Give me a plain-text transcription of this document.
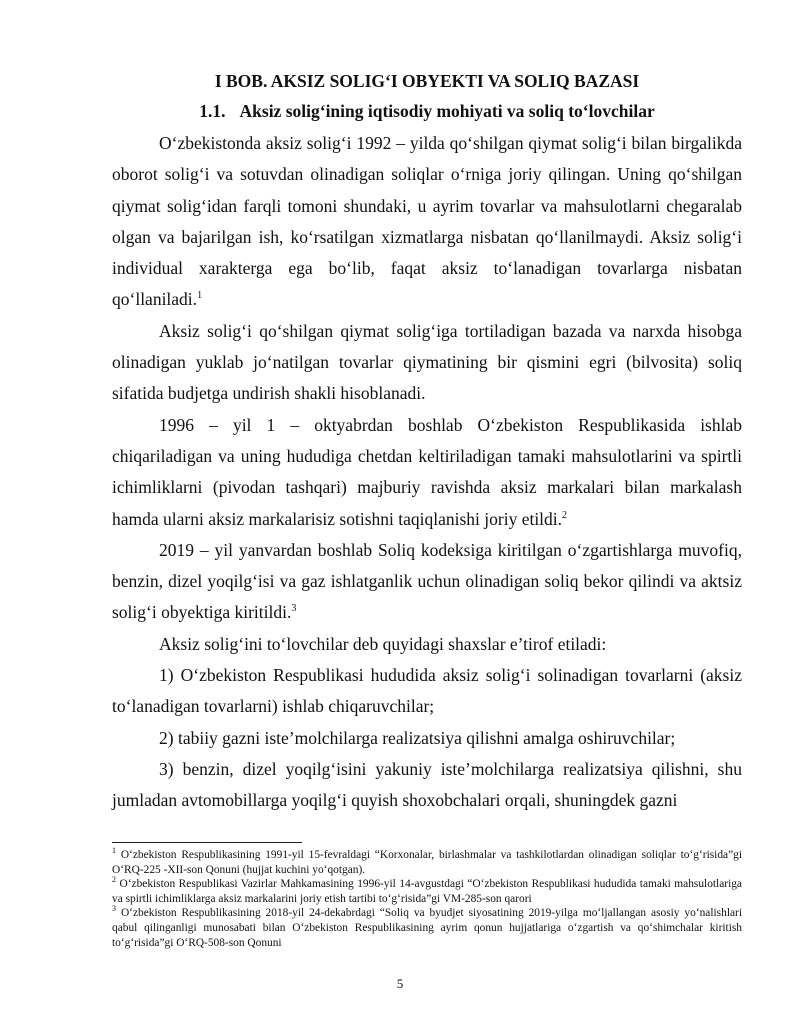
I BOB. AKSIZ SOLIG‘I OBYEKTI VA SOLIQ BAZASI
1.1. Aksiz solig‘ining iqtisodiy mohiyati va soliq to‘lovchilar

O‘zbekistonda aksiz solig‘i 1992 – yilda qo‘shilgan qiymat solig‘i bilan birgalikda oborot solig‘i va sotuvdan olinadigan soliqlar o‘rniga joriy qilingan. Uning qo‘shilgan qiymat solig‘idan farqli tomoni shundaki, u ayrim tovarlar va mahsulotlarni chegaralab olgan va bajarilgan ish, ko‘rsatilgan xizmatlarga nisbatan qo‘llanilmaydi. Aksiz solig‘i individual xarakterga ega bo‘lib, faqat aksiz to‘lanadigan tovarlarga nisbatan qo‘llaniladi.$^1$

Aksiz solig‘i qo‘shilgan qiymat solig‘iga tortiladigan bazada va narxda hisobga olinadigan yuklab jo‘natilgan tovarlar qiymatining bir qismini egri (bilvosita) soliq sifatida budjetga undirish shakli hisoblanadi.

1996 – yil 1 – oktyabrdan boshlab O‘zbekiston Respublikasida ishlab chiqariladigan va uning hududiga chetdan keltiriladigan tamaki mahsulotlarini va spirtli ichimliklarni (pivodan tashqari) majburiy ravishda aksiz markalari bilan markalash hamda ularni aksiz markalarisiz sotishni taqiqlanishi joriy etildi.$^2$

2019 – yil yanvardan boshlab Soliq kodeksiga kiritilgan o‘zgartishlarga muvofiq, benzin, dizel yoqilg‘isi va gaz ishlatganlik uchun olinadigan soliq bekor qilindi va aktsiz solig‘i obyektiga kiritildi.$^3$

Aksiz solig‘ini to‘lovchilar deb quyidagi shaxslar e’tirof etiladi:

1) O‘zbekiston Respublikasi hududida aksiz solig‘i solinadigan tovarlarni (aksiz to‘lanadigan tovarlarni) ishlab chiqaruvchilar;

2) tabiiy gazni iste’molchilarga realizatsiya qilishni amalga oshiruvchilar;

3) benzin, dizel yoqilg‘isini yakuniy iste’molchilarga realizatsiya qilishni, shu jumladan avtomobillarga yoqilg‘i quyish shoxobchalari orqali, shuningdek gazni

$^1$ O‘zbekiston Respublikasining 1991-yil 15-fevraldagi “Korxonalar, birlashmalar va tashkilotlardan olinadigan soliqlar to‘g‘risida”gi O‘RQ-225 -XII-son Qonuni (hujjat kuchini yo‘qotgan).

$^2$ O‘zbekiston Respublikasi Vazirlar Mahkamasining 1996-yil 14-avgustdagi “O‘zbekiston Respublikasi hududida tamaki mahsulotlariga va spirtli ichimliklarga aksiz markalarini joriy etish tartibi to‘g‘risida”gi VM-285-son qarori

$^3$ O‘zbekiston Respublikasining 2018-yil 24-dekabrdagi “Soliq va byudjet siyosatining 2019-yilga mo‘ljallangan asosiy yo‘nalishlari qabul qilinganligi munosabati bilan O‘zbekiston Respublikasining ayrim qonun hujjatlariga o‘zgartish va qo‘shimchalar kiritish to‘g‘risida”gi O‘RQ-508-son Qonuni

5
